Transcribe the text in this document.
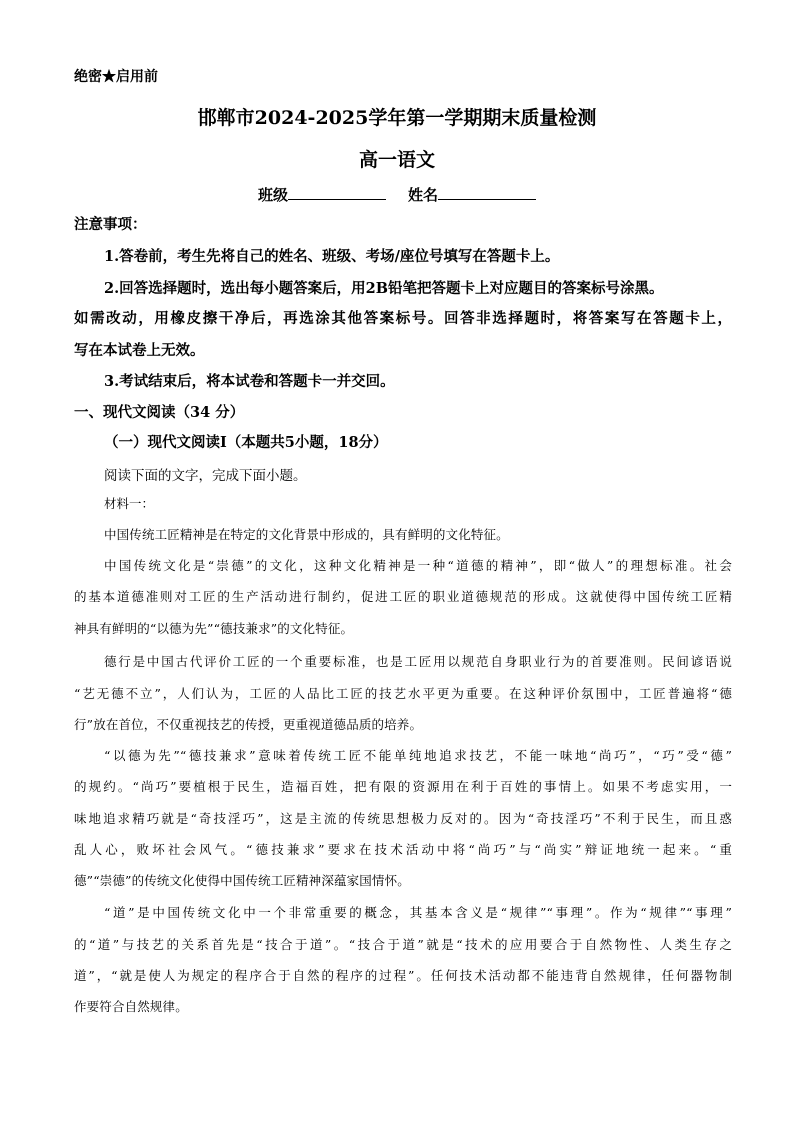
绝密★启用前
邯郸市2024-2025学年第一学期期末质量检测
高一语文
班级	姓名
注意事项：
1.答卷前，考生先将自己的姓名、班级、考场/座位号填写在答题卡上。
2.回答选择题时，选出每小题答案后，用2B铅笔把答题卡上对应题目的答案标号涂黑。
如需改动，用橡皮擦干净后，再选涂其他答案标号。回答非选择题时，将答案写在答题卡上，
写在本试卷上无效。
3.考试结束后，将本试卷和答题卡一并交回。
一、现代文阅读（34 分）
（一）现代文阅读Ⅰ（本题共5小题，18分）
阅读下面的文字，完成下面小题。
材料一：
中国传统工匠精神是在特定的文化背景中形成的，具有鲜明的文化特征。
中国传统文化是“崇德”的文化，这种文化精神是一种“道德的精神”，即“做人”的理想标准。社会
的基本道德准则对工匠的生产活动进行制约，促进工匠的职业道德规范的形成。这就使得中国传统工匠精
神具有鲜明的“以德为先”“德技兼求”的文化特征。
德行是中国古代评价工匠的一个重要标准，也是工匠用以规范自身职业行为的首要准则。民间谚语说
“艺无德不立”，人们认为，工匠的人品比工匠的技艺水平更为重要。在这种评价氛围中，工匠普遍将“德
行”放在首位，不仅重视技艺的传授，更重视道德品质的培养。
“以德为先”“德技兼求”意味着传统工匠不能单纯地追求技艺，不能一味地“尚巧”，“巧”受“德”
的规约。“尚巧”要植根于民生，造福百姓，把有限的资源用在利于百姓的事情上。如果不考虑实用，一
味地追求精巧就是“奇技淫巧”，这是主流的传统思想极力反对的。因为“奇技淫巧”不利于民生，而且惑
乱人心，败坏社会风气。“德技兼求”要求在技术活动中将“尚巧”与“尚实”辩证地统一起来。“重
德”“崇德”的传统文化使得中国传统工匠精神深蕴家国情怀。
“道”是中国传统文化中一个非常重要的概念，其基本含义是“规律”“事理”。作为“规律”“事理”
的“道”与技艺的关系首先是“技合于道”。“技合于道”就是“技术的应用要合于自然物性、人类生存之
道”，“就是使人为规定的程序合于自然的程序的过程”。任何技术活动都不能违背自然规律，任何器物制
作要符合自然规律。
